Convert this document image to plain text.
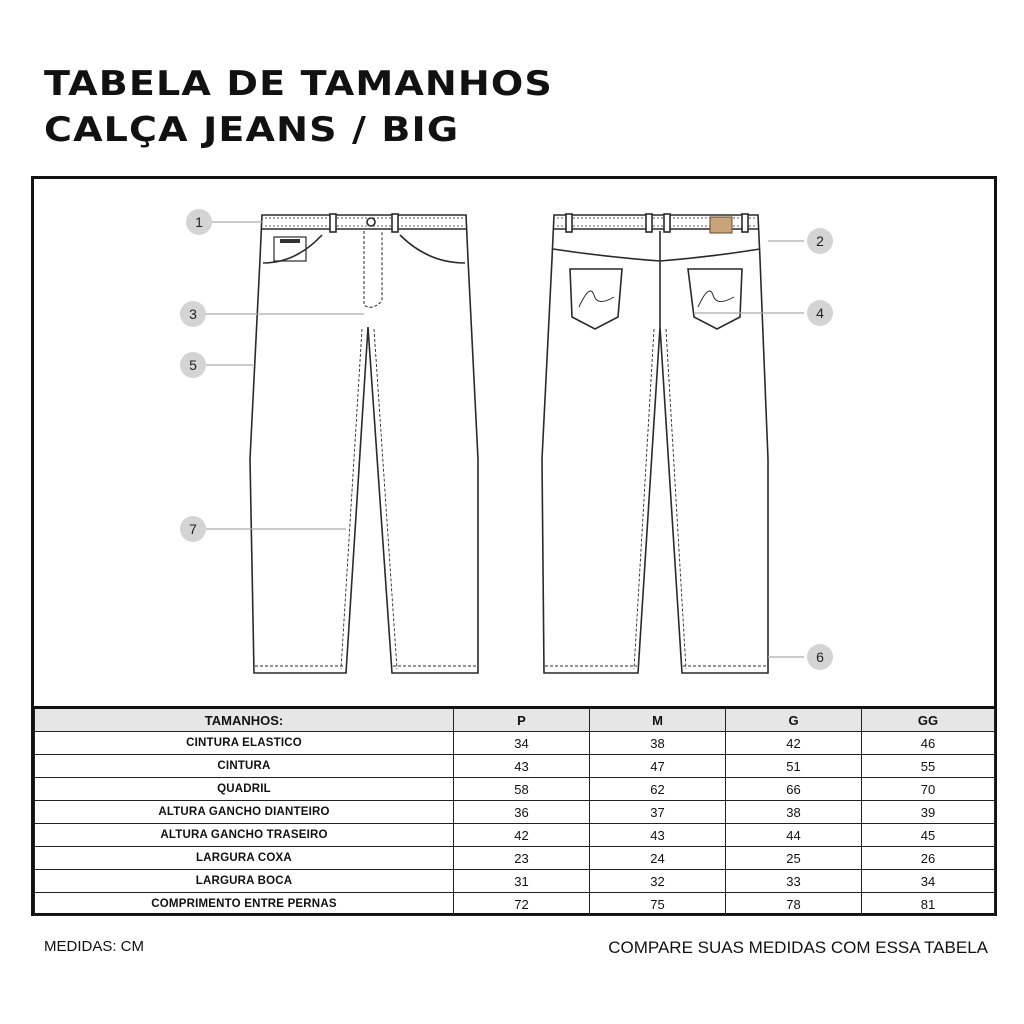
TABELA DE TAMANHOS
CALÇA JEANS / BIG
1
2
3	4
5
6
7
TAMANHOS:	P	M	G	GG
CINTURA ELASTICO	34	38	42	46
CINTURA	43	47	51	55
QUADRIL	58	62	66	70
ALTURA GANCHO DIANTEIRO	36	37	38	39
ALTURA GANCHO TRASEIRO	42	43	44	45
LARGURA COXA	23	24	25	26
LARGURA BOCA	31	32	33	34
COMPRIMENTO ENTRE PERNAS	72	75	78	81

MEDIDAS: CM	COMPARE SUAS MEDIDAS COM ESSA TABELA
